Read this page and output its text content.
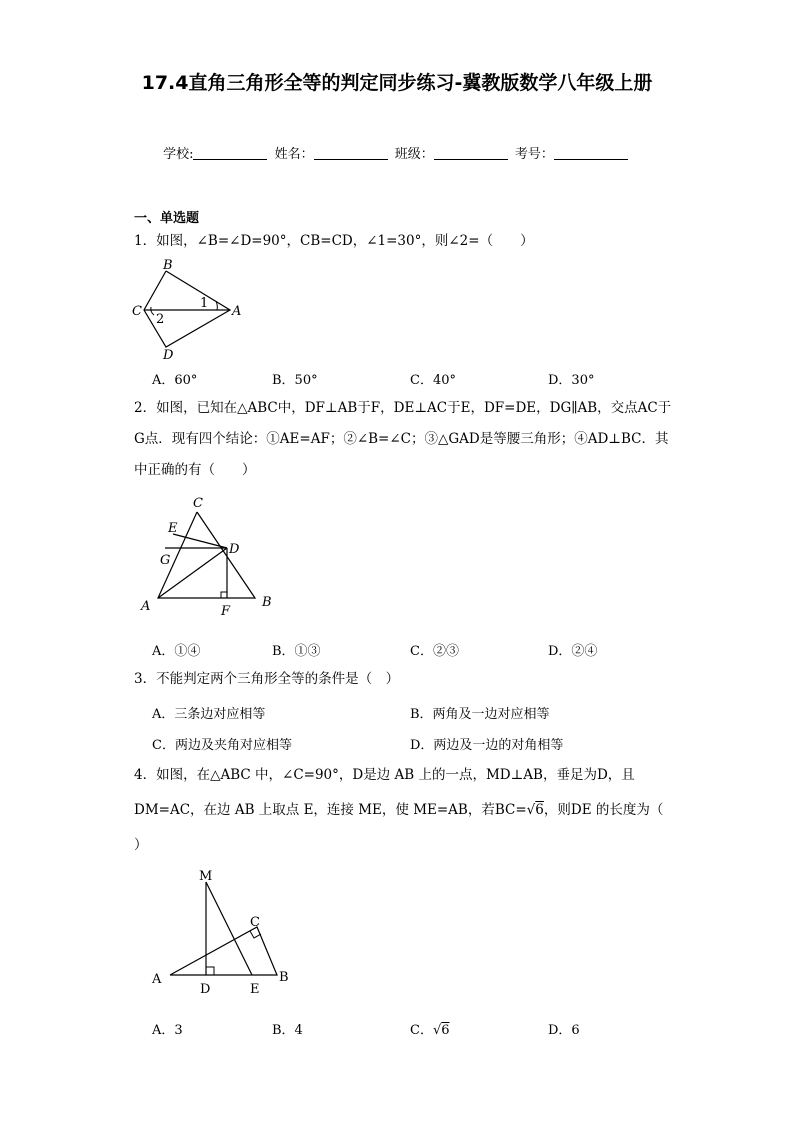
17.4直角三角形全等的判定同步练习-冀教版数学八年级上册
学校:	姓名：	班级：	考号：
一、单选题
1．如图，∠B=∠D=90°，CB=CD，∠1=30°，则∠2=（　　）
B
C
D
A
1
2
A．60°	B．50°	C．40°	D．30°
2．如图，已知在△ABC中，DF⊥AB于F，DE⊥AC于E，DF=DE，DG∥AB，交点AC于G点．现有四个结论：①AE=AF；②∠B=∠C；③△GAD是等腰三角形；④AD⊥BC．其中正确的有（　　）
C
E
G
D
A	F
B
A．①④	B．①③	C．②③	D．②④
3．不能判定两个三角形全等的条件是（　）
A．三条边对应相等	B．两角及一边对应相等
C．两边及夹角对应相等	D．两边及一边的对角相等
4．如图，在△ABC 中，∠C=90°，D是边 AB 上的一点，MD⊥AB，垂足为D，且DM=AC，在边 AB 上取点 E，连接 ME，使 ME=AB，若BC=√6，则DE 的长度为（ ）
M
C
A
D	E
B
A．3	B．4	C．√6	D．6
